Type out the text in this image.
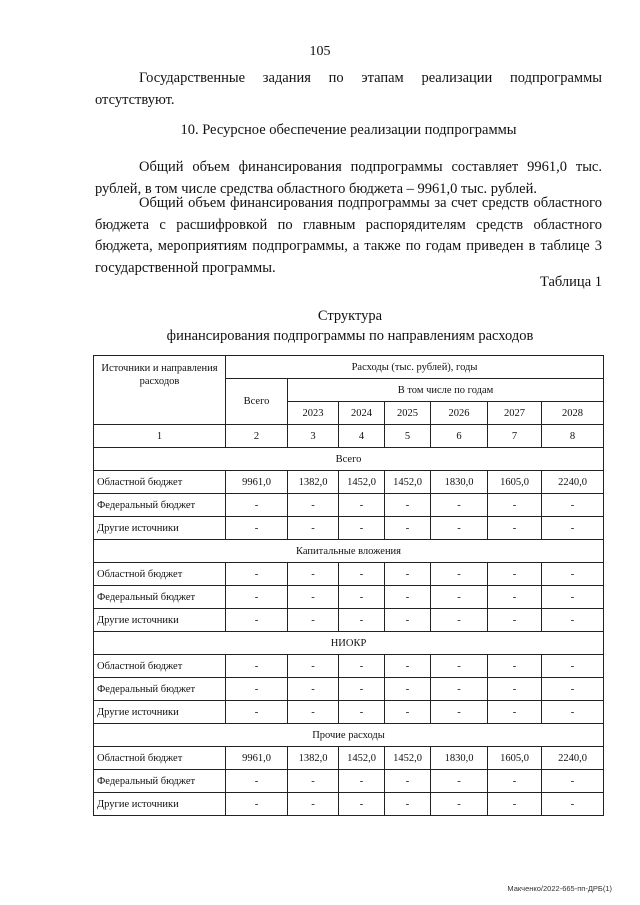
105
Государственные задания по этапам реализации подпрограммы отсутствуют.
10. Ресурсное обеспечение реализации подпрограммы
Общий объем финансирования подпрограммы составляет 9961,0 тыс. рублей, в том числе средства областного бюджета – 9961,0 тыс. рублей.
Общий объем финансирования подпрограммы за счет средств областного бюджета с расшифровкой по главным распорядителям средств областного бюджета, мероприятиям подпрограммы, а также по годам приведен в таблице 3 государственной программы.
Таблица 1
Структура
финансирования подпрограммы по направлениям расходов
Источники и направления расходов	Расходы (тыс. рублей), годы						
	Всего	В том числе по годам					
		2023	2024	2025	2026	2027	2028
1	2	3	4	5	6	7	8
Всего							
Областной бюджет	9961,0	1382,0	1452,0	1452,0	1830,0	1605,0	2240,0
Федеральный бюджет	-	-	-	-	-	-	-
Другие источники	-	-	-	-	-	-	-
Капитальные вложения							
Областной бюджет	-	-	-	-	-	-	-
Федеральный бюджет	-	-	-	-	-	-	-
Другие источники	-	-	-	-	-	-	-
НИОКР							
Областной бюджет	-	-	-	-	-	-	-
Федеральный бюджет	-	-	-	-	-	-	-
Другие источники	-	-	-	-	-	-	-
Прочие расходы							
Областной бюджет	9961,0	1382,0	1452,0	1452,0	1830,0	1605,0	2240,0
Федеральный бюджет	-	-	-	-	-	-	-
Другие источники	-	-	-	-	-	-	-
Макченко/2022-665-пп-ДРБ(1)
